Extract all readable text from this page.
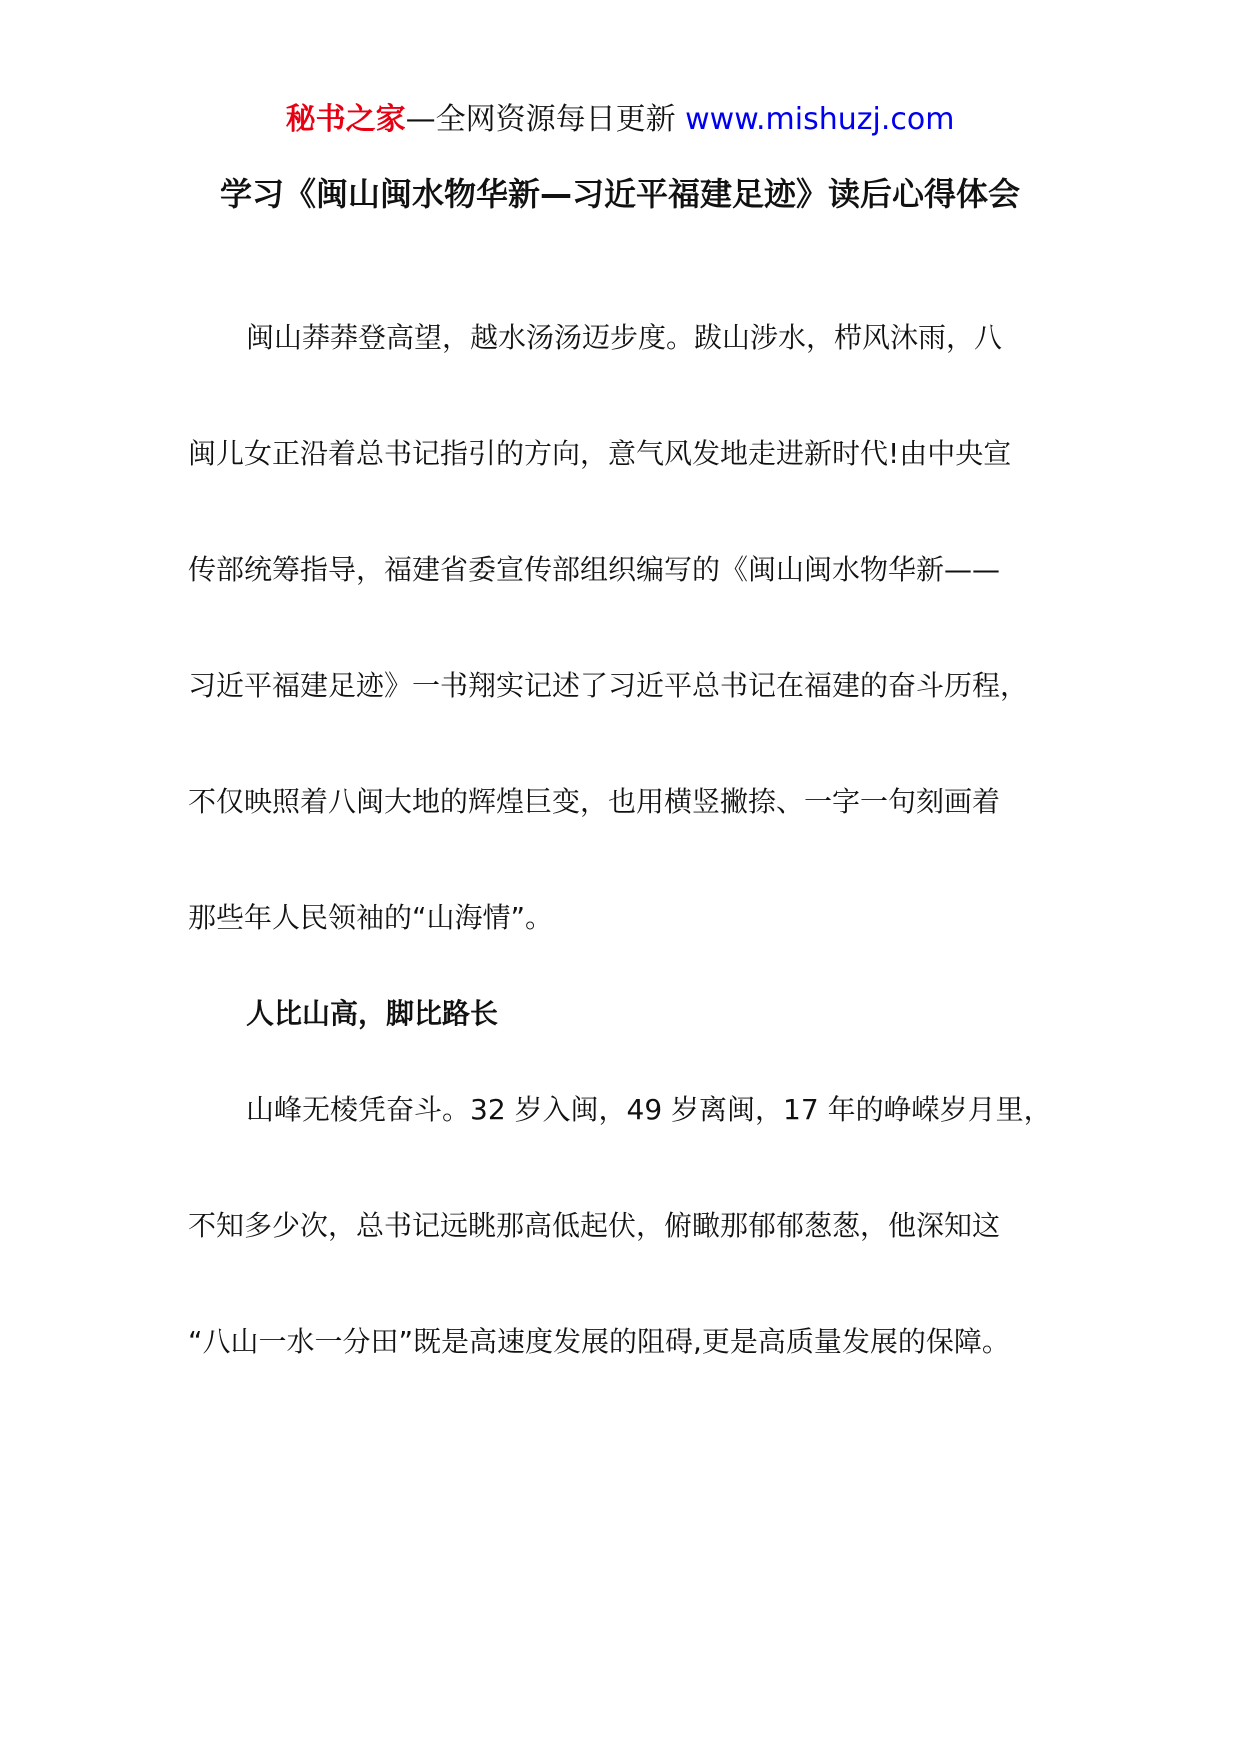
秘书之家—全网资源每日更新 www.mishuzj.com
学习《闽山闽水物华新—习近平福建足迹》读后心得体会
闽山莽莽登高望，越水汤汤迈步度。跋山涉水，栉风沐雨，八
闽儿女正沿着总书记指引的方向，意气风发地走进新时代!由中央宣
传部统筹指导，福建省委宣传部组织编写的《闽山闽水物华新——
习近平福建足迹》一书翔实记述了习近平总书记在福建的奋斗历程，
不仅映照着八闽大地的辉煌巨变，也用横竖撇捺、一字一句刻画着
那些年人民领袖的“山海情”。
人比山高，脚比路长
山峰无棱凭奋斗。32 岁入闽，49 岁离闽，17 年的峥嵘岁月里，
不知多少次，总书记远眺那高低起伏，俯瞰那郁郁葱葱，他深知这
“八山一水一分田”既是高速度发展的阻碍,更是高质量发展的保障。
